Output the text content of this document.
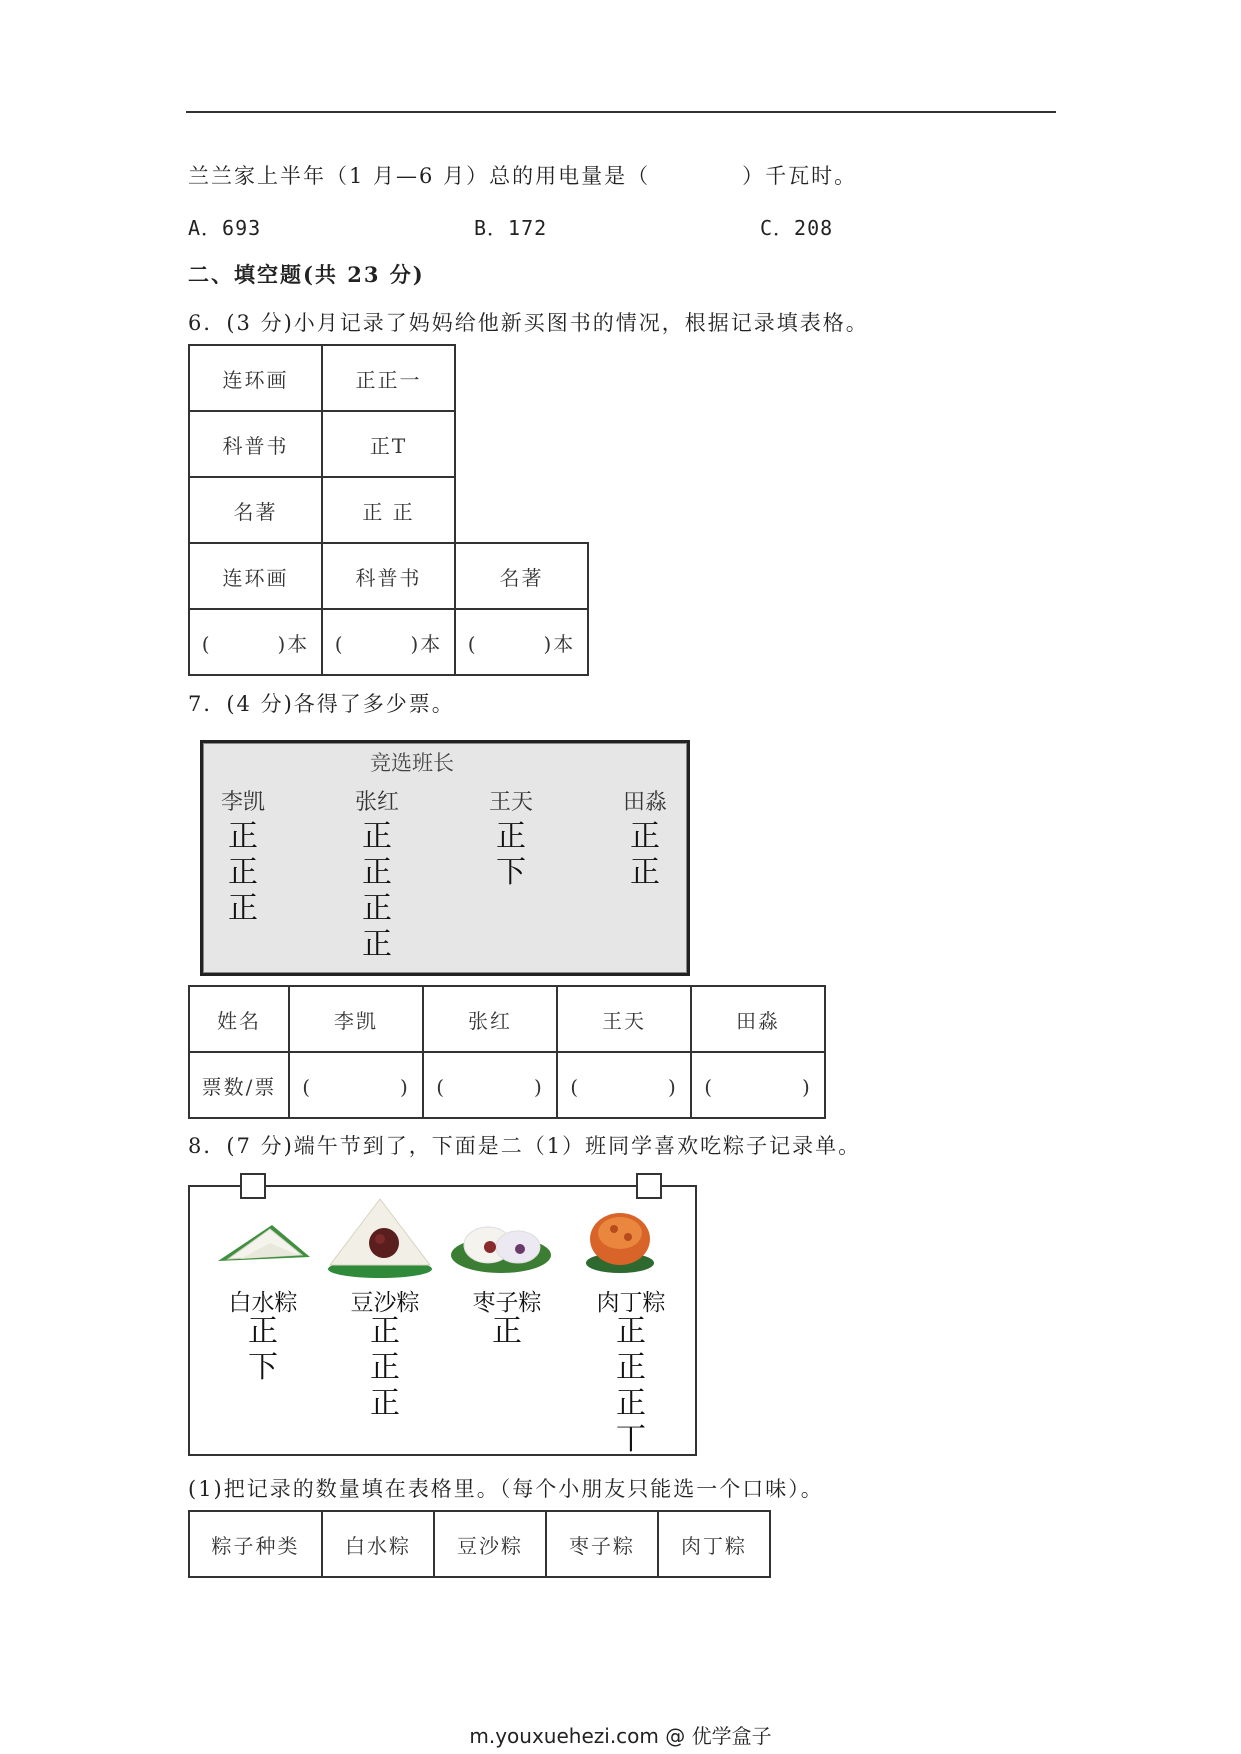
兰兰家上半年（1 月—6 月）总的用电量是（　　　　）千瓦时。
A．693	B．172	C．208
二、填空题(共 23 分)
6．(3 分)小月记录了妈妈给他新买图书的情况，根据记录填表格。
连环画	正正一
科普书	正T
名著	正 正
连环画	科普书	名著
(　　　)本	(　　　)本	(　　　)本
7．(4 分)各得了多少票。
竞选班长
李凯
正
正
正
张红
正
正
正
正
王天
正
下
田淼
正
正
姓名	李凯	张红	王天	田淼
票数/票	(　　　　)	(　　　　)	(　　　　)	(　　　　)
8．(7 分)端午节到了，下面是二（1）班同学喜欢吃粽子记录单。
白水粽
正
下
豆沙粽
正
正
正
枣子粽
正
肉丁粽
正
正
正
丅
(1)把记录的数量填在表格里。（每个小朋友只能选一个口味）。
粽子种类	白水粽	豆沙粽	枣子粽	肉丁粽
m.youxuehezi.com @ 优学盒子
